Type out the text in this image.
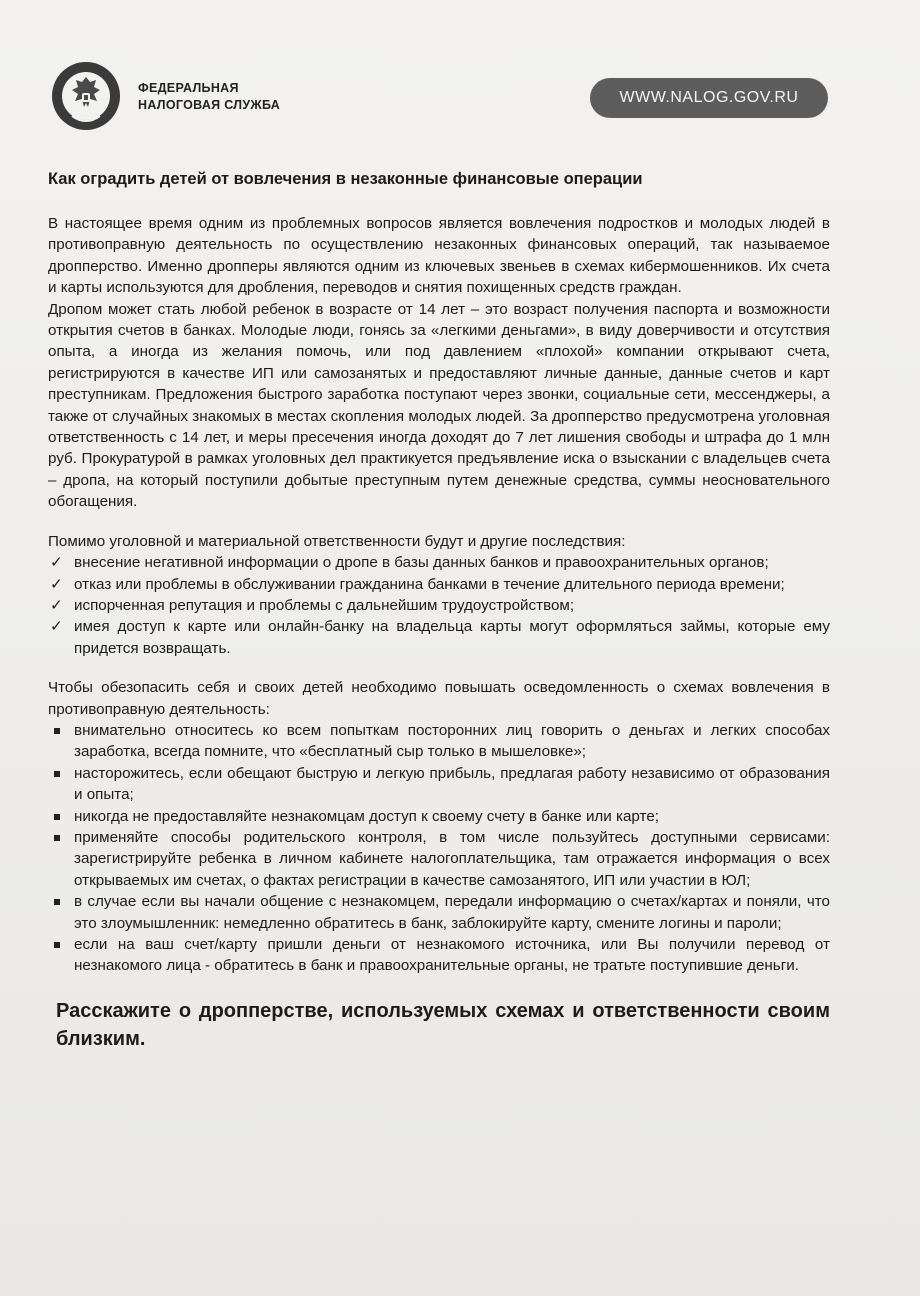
ФЕДЕРАЛЬНАЯ
НАЛОГОВАЯ СЛУЖБА	WWW.NALOG.GOV.RU
Как оградить детей от вовлечения в незаконные финансовые операции

В настоящее время одним из проблемных вопросов является вовлечения подростков и молодых людей в противоправную деятельность по осуществлению незаконных финансовых операций, так называемое дропперство. Именно дропперы являются одним из ключевых звеньев в схемах кибермошенников. Их счета и карты используются для дробления, переводов и снятия похищенных средств граждан.

Дропом может стать любой ребенок в возрасте от 14 лет – это возраст получения паспорта и возможности открытия счетов в банках. Молодые люди, гонясь за «легкими деньгами», в виду доверчивости и отсутствия опыта, а иногда из желания помочь, или под давлением «плохой» компании открывают счета, регистрируются в качестве ИП или самозанятых и предоставляют личные данные, данные счетов и карт преступникам. Предложения быстрого заработка поступают через звонки, социальные сети, мессенджеры, а также от случайных знакомых в местах скопления молодых людей. За дропперство предусмотрена уголовная ответственность с 14 лет, и меры пресечения иногда доходят до 7 лет лишения свободы и штрафа до 1 млн руб. Прокуратурой в рамках уголовных дел практикуется предъявление иска о взыскании с владельцев счета – дропа, на который поступили добытые преступным путем денежные средства, суммы неосновательного обогащения.

Помимо уголовной и материальной ответственности будут и другие последствия:

✓ внесение негативной информации о дропе в базы данных банков и правоохранительных органов;
✓ отказ или проблемы в обслуживании гражданина банками в течение длительного периода времени;
✓ испорченная репутация и проблемы с дальнейшим трудоустройством;
✓ имея доступ к карте или онлайн-банку на владельца карты могут оформляться займы, которые ему придется возвращать.

Чтобы обезопасить себя и своих детей необходимо повышать осведомленность о схемах вовлечения в противоправную деятельность:

внимательно относитесь ко всем попыткам посторонних лиц говорить о деньгах и легких способах заработка, всегда помните, что «бесплатный сыр только в мышеловке»;
насторожитесь, если обещают быструю и легкую прибыль, предлагая работу независимо от образования и опыта;
никогда не предоставляйте незнакомцам доступ к своему счету в банке или карте;
применяйте способы родительского контроля, в том числе пользуйтесь доступными сервисами: зарегистрируйте ребенка в личном кабинете налогоплательщика, там отражается информация о всех открываемых им счетах, о фактах регистрации в качестве самозанятого, ИП или участии в ЮЛ;
в случае если вы начали общение с незнакомцем, передали информацию о счетах/картах и поняли, что это злоумышленник: немедленно обратитесь в банк, заблокируйте карту, смените логины и пароли;
если на ваш счет/карту пришли деньги от незнакомого источника, или Вы получили перевод от незнакомого лица - обратитесь в банк и правоохранительные органы, не тратьте поступившие деньги.
Расскажите о дропперстве, используемых схемах и ответственности своим близким.
